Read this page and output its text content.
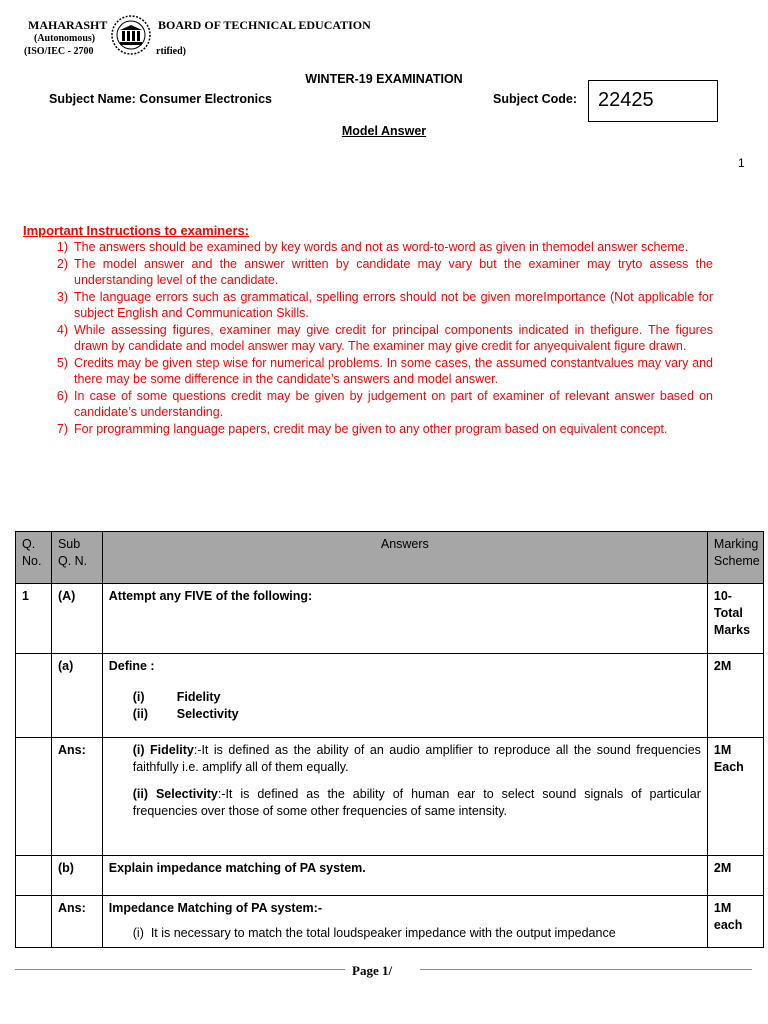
MAHARASHT	BOARD OF TECHNICAL EDUCATION
(Autonomous)
(ISO/IEC - 2700	rtified)
WINTER-19 EXAMINATION
Subject Name: Consumer Electronics	Subject Code:	22425
Model Answer
1
Important Instructions to examiners:
1) The answers should be examined by key words and not as word-to-word as given in themodel answer scheme.
2) The model answer and the answer written by candidate may vary but the examiner may tryto assess the understanding level of the candidate.
3) The language errors such as grammatical, spelling errors should not be given moreImportance (Not applicable for subject English and Communication Skills.
4) While assessing figures, examiner may give credit for principal components indicated in thefigure. The figures drawn by candidate and model answer may vary. The examiner may give credit for anyequivalent figure drawn.
5) Credits may be given step wise for numerical problems. In some cases, the assumed constantvalues may vary and there may be some difference in the candidate’s answers and model answer.
6) In case of some questions credit may be given by judgement on part of examiner of relevant answer based on candidate’s understanding.
7) For programming language papers, credit may be given to any other program based on equivalent concept.
Q. No.	Sub Q. N.	Answers	Marking Scheme
1	(A)	Attempt any FIVE of the following:	10- Total Marks
	(a)	Define :
(i) Fidelity
(ii) Selectivity	2M
	Ans:	(i) Fidelity:-It is defined as the ability of an audio amplifier to reproduce all the sound frequencies faithfully i.e. amplify all of them equally.
(ii) Selectivity:-It is defined as the ability of human ear to select sound signals of particular frequencies over those of some other frequencies of same intensity.	1M Each
	(b)	Explain impedance matching of PA system.	2M
	Ans:	Impedance Matching of PA system:-
(i) It is necessary to match the total loudspeaker impedance with the output impedance	1M each
Page 1/
